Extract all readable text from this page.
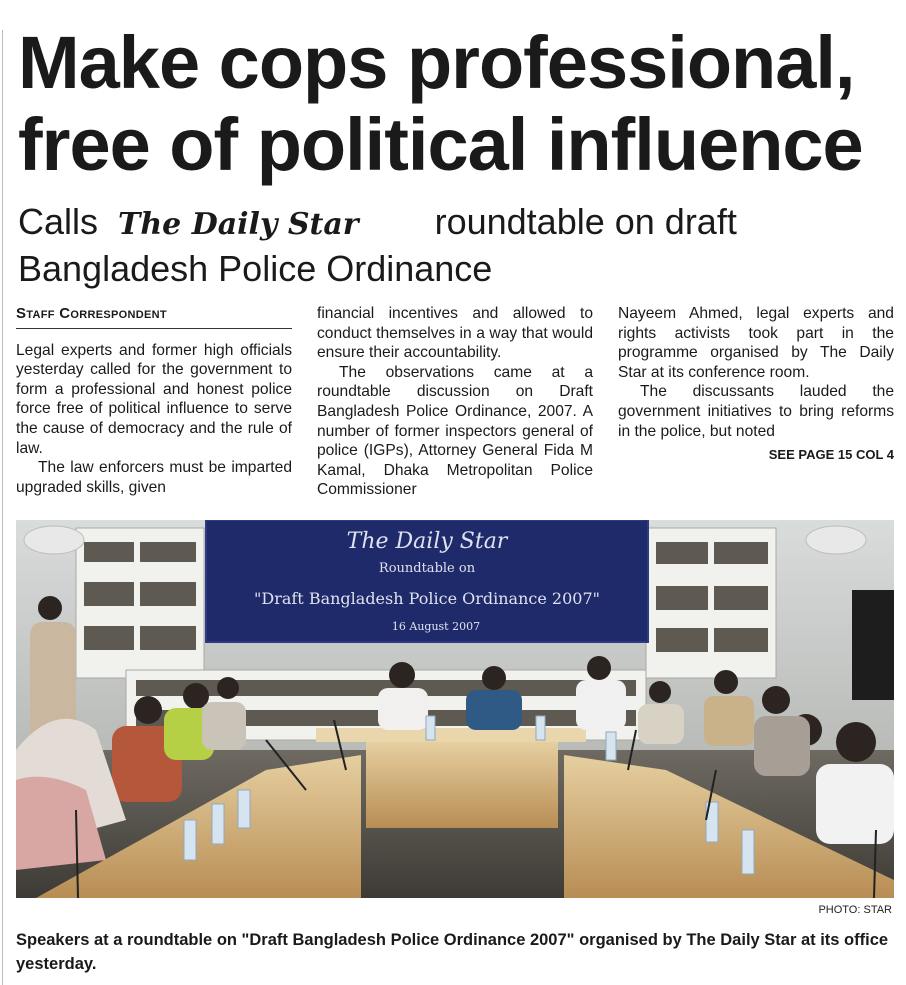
Make cops professional,
free of political influence
Calls The Daily Star roundtable on draft
Bangladesh Police Ordinance
Staff Correspondent

Legal experts and former high officials yesterday called for the government to form a professional and honest police force free of political influence to serve the cause of democracy and the rule of law.

The law enforcers must be imparted upgraded skills, given

financial incentives and allowed to conduct themselves in a way that would ensure their accountability.

The observations came at a roundtable discussion on Draft Bangladesh Police Ordinance, 2007. A number of former inspectors general of police (IGPs), Attorney General Fida M Kamal, Dhaka Metropolitan Police Commissioner

Nayeem Ahmed, legal experts and rights activists took part in the programme organised by The Daily Star at its conference room.

The discussants lauded the government initiatives to bring reforms in the police, but noted

SEE PAGE 15 COL 4
The Daily Star
Roundtable on
"Draft Bangladesh Police Ordinance 2007"
16 August 2007
PHOTO: STAR

Speakers at a roundtable on "Draft Bangladesh Police Ordinance 2007" organised by The Daily Star at its office yesterday.
